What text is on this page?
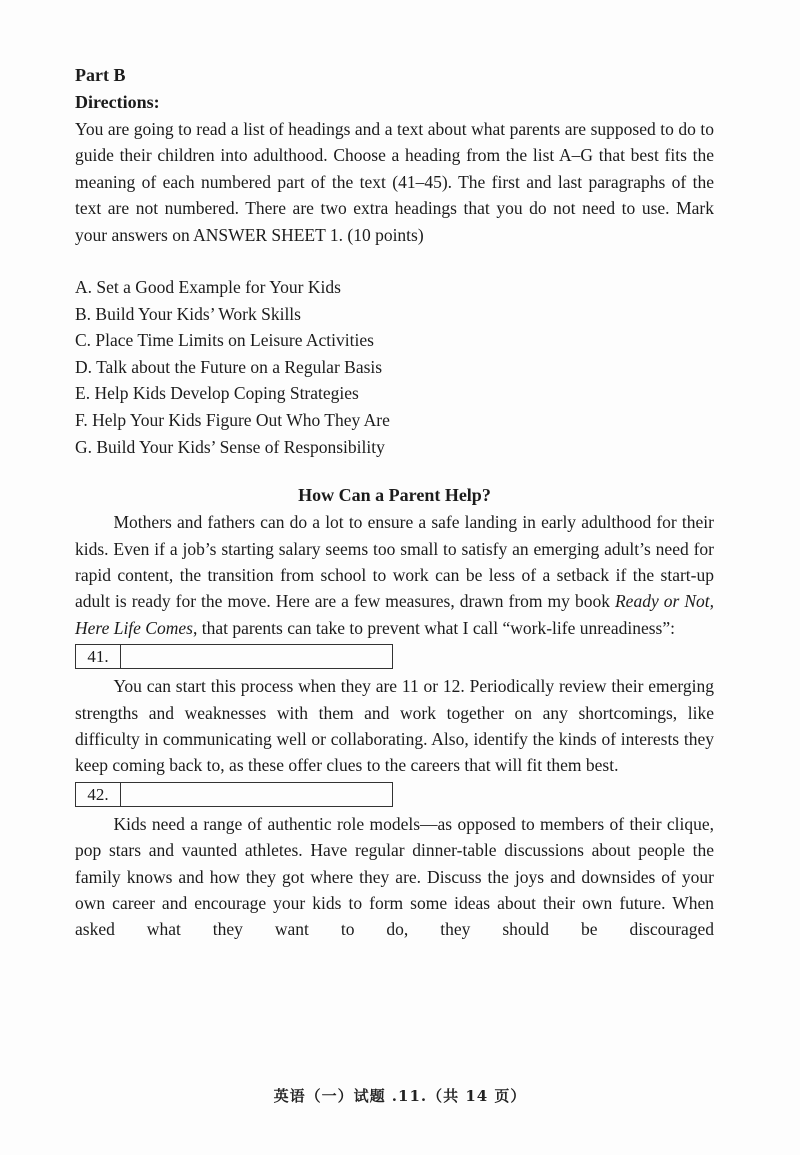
Part B
Directions:

You are going to read a list of headings and a text about what parents are supposed to do to guide their children into adulthood. Choose a heading from the list A–G that best fits the meaning of each numbered part of the text (41–45). The first and last paragraphs of the text are not numbered. There are two extra headings that you do not need to use. Mark your answers on ANSWER SHEET 1. (10 points)

A. Set a Good Example for Your Kids
B. Build Your Kids’ Work Skills
C. Place Time Limits on Leisure Activities
D. Talk about the Future on a Regular Basis
E. Help Kids Develop Coping Strategies
F. Help Your Kids Figure Out Who They Are
G. Build Your Kids’ Sense of Responsibility
How Can a Parent Help?

Mothers and fathers can do a lot to ensure a safe landing in early adulthood for their kids. Even if a job’s starting salary seems too small to satisfy an emerging adult’s need for rapid content, the transition from school to work can be less of a setback if the start-up adult is ready for the move. Here are a few measures, drawn from my book Ready or Not, Here Life Comes, that parents can take to prevent what I call “work-life unreadiness”:

41.

You can start this process when they are 11 or 12. Periodically review their emerging strengths and weaknesses with them and work together on any shortcomings, like difficulty in communicating well or collaborating. Also, identify the kinds of interests they keep coming back to, as these offer clues to the careers that will fit them best.

42.

Kids need a range of authentic role models—as opposed to members of their clique, pop stars and vaunted athletes. Have regular dinner-table discussions about people the family knows and how they got where they are. Discuss the joys and downsides of your own career and encourage your kids to form some ideas about their own future. When asked what they want to do, they should be discouraged

英语（一）试题 .11.（共 14 页）
